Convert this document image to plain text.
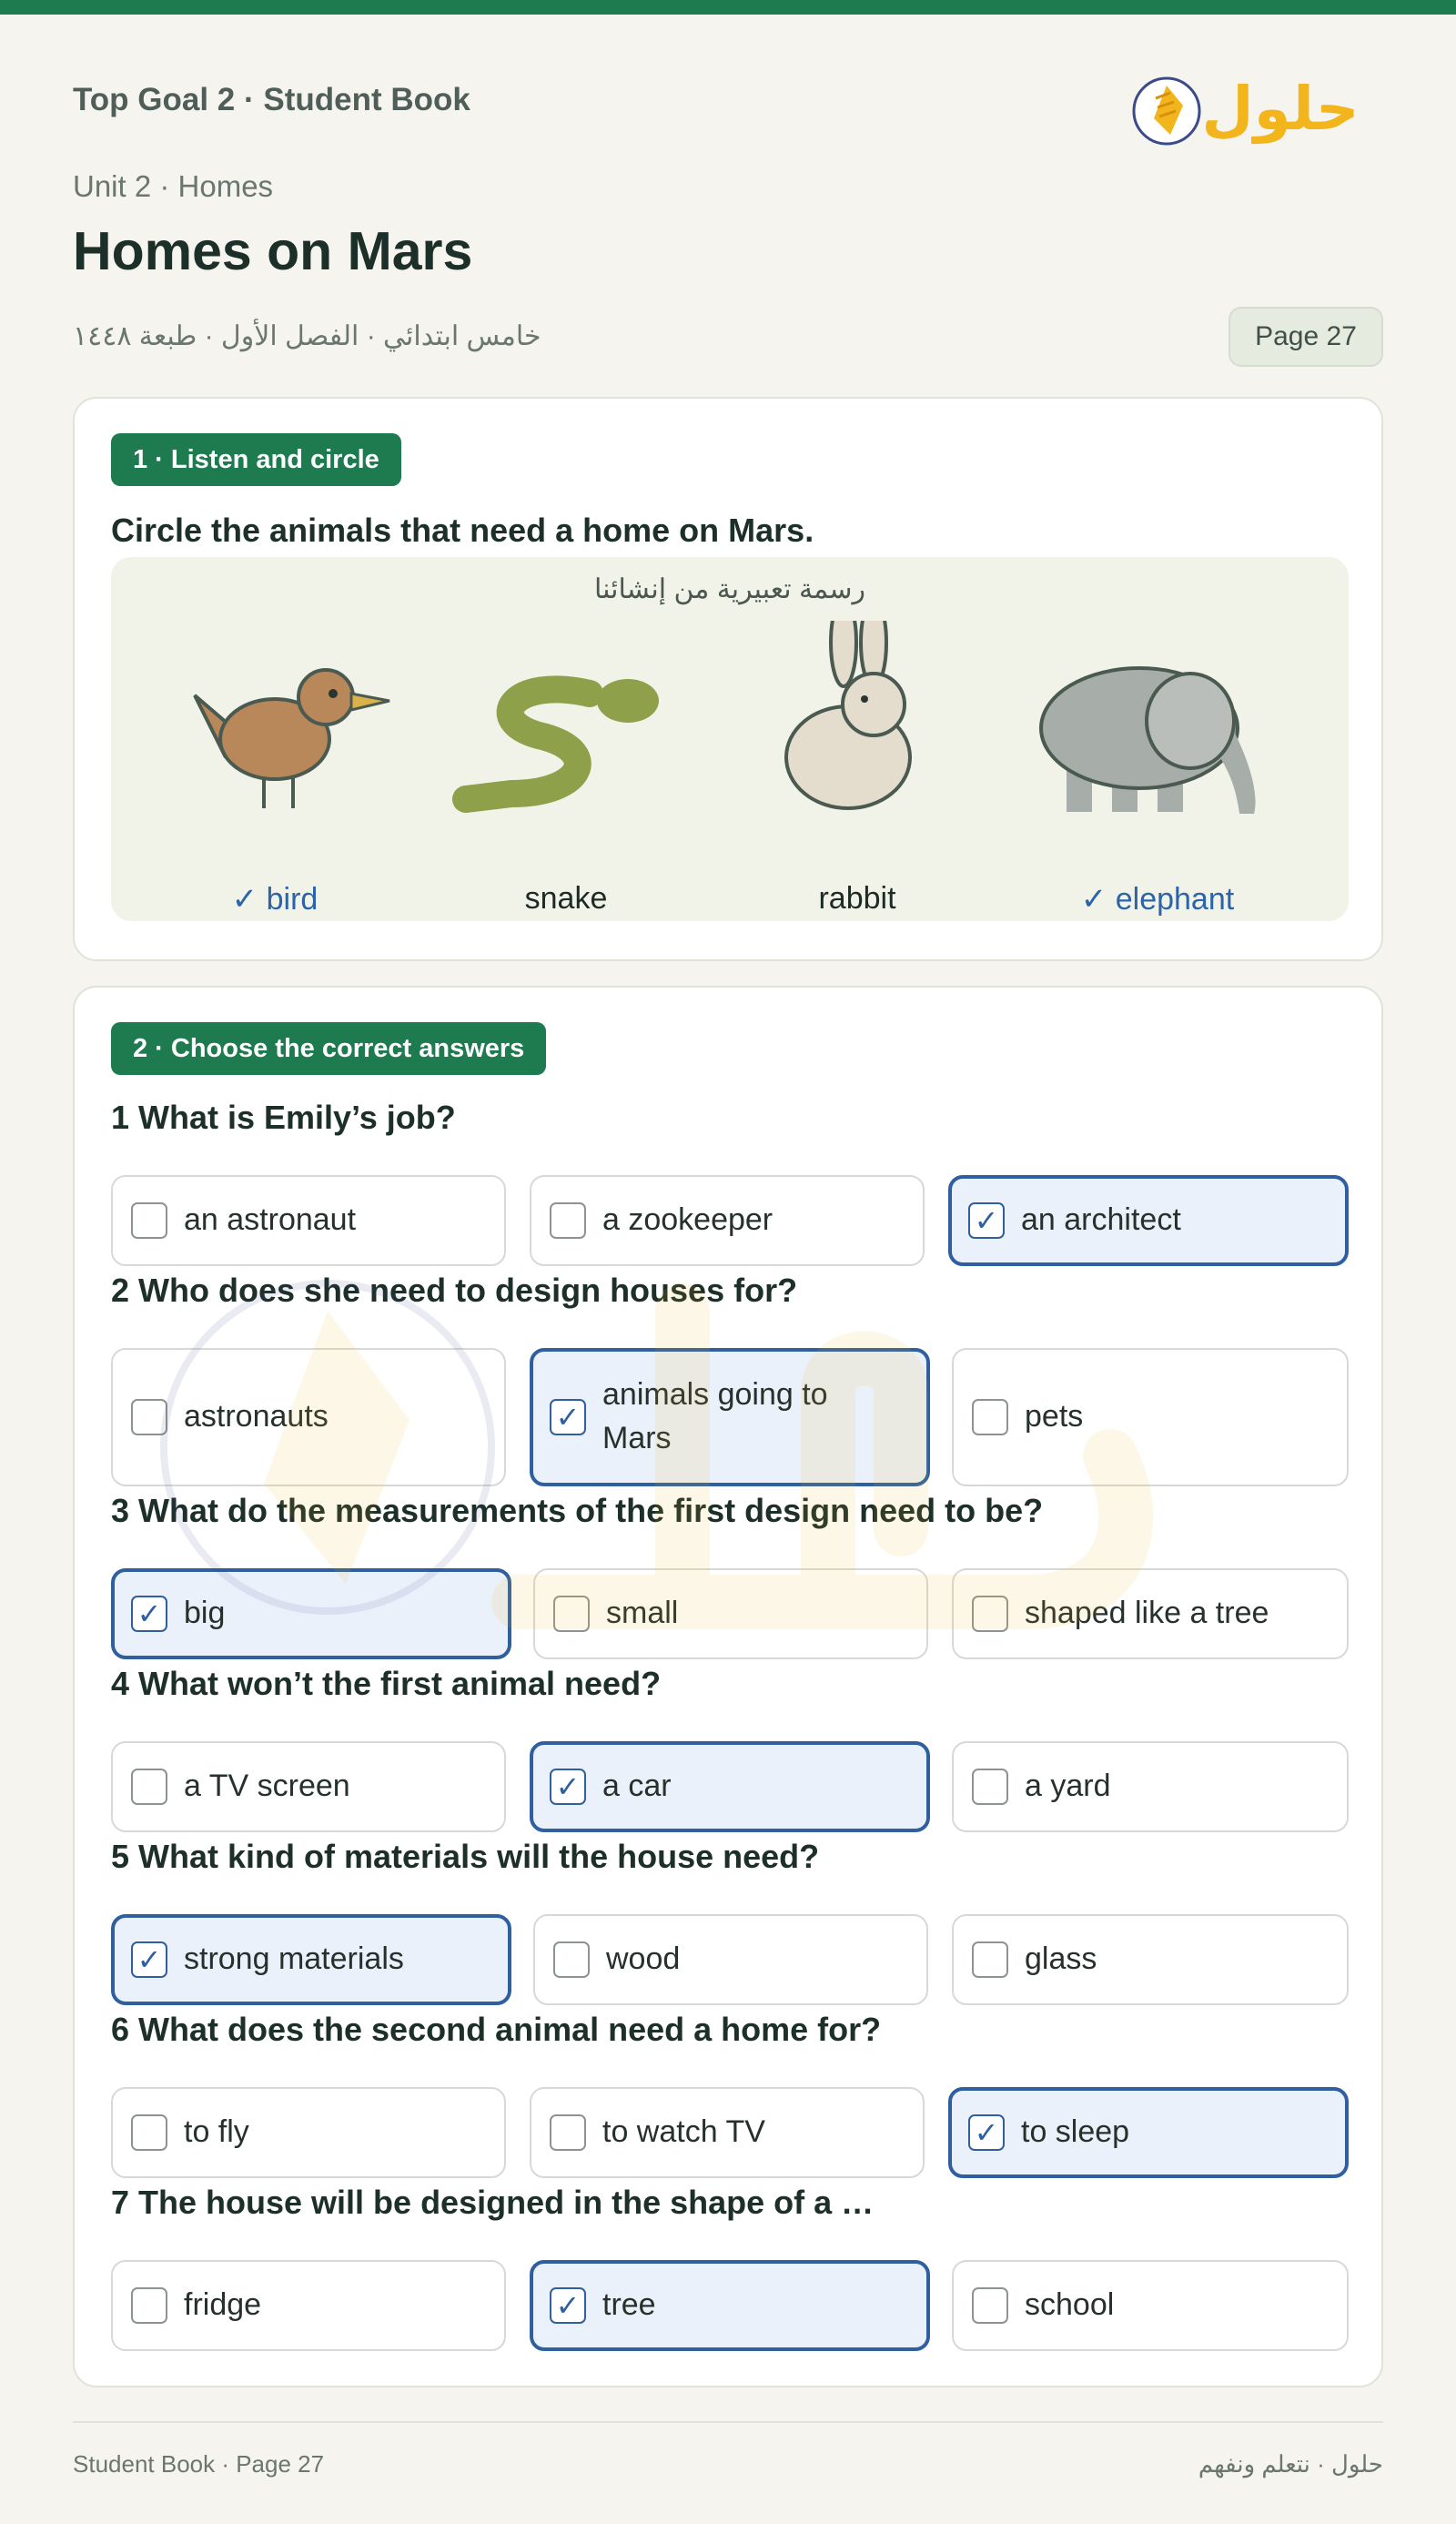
Top Goal 2 · Student Book	حلول
Unit 2 · Homes
Homes on Mars
خامس ابتدائي · الفصل الأول · طبعة ١٤٤٨	Page 27
1 · Listen and circle
Circle the animals that need a home on Mars.
رسمة تعبيرية من إنشائنا
✓ bird	snake	rabbit	✓ elephant
2 · Choose the correct answers
1 What is Emily’s job?
an astronaut	a zookeeper	✓ an architect
2 Who does she need to design houses for?
astronauts	✓
animals going to Mars
pets
3 What do the measurements of the first design need to be?
✓ big	small	shaped like a tree
4 What won’t the first animal need?
a TV screen	✓ a car	a yard
5 What kind of materials will the house need?
✓ strong materials	wood	glass
6 What does the second animal need a home for?
to fly	to watch TV	✓ to sleep
7 The house will be designed in the shape of a …
fridge	✓ tree	school
Student Book · Page 27	حلول · نتعلم ونفهم
